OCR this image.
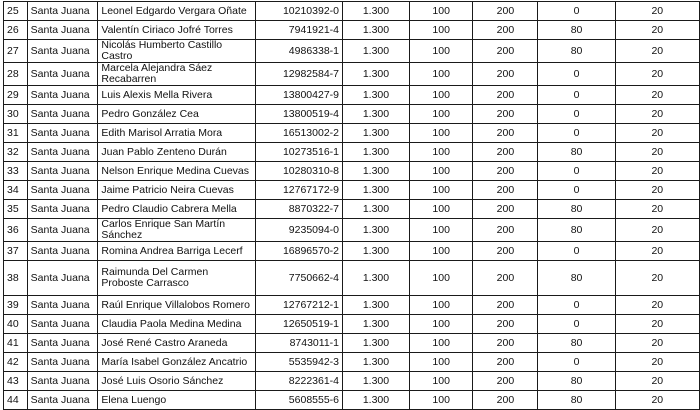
25	Santa Juana	Leonel Edgardo Vergara Oñate	10210392-0	1.300	100	200	0	20
26	Santa Juana	Valentín Ciriaco Jofré Torres	7941921-4	1.300	100	200	80	20
27	Santa Juana	Nicolás Humberto Castillo Castro	4986338-1	1.300	100	200	80	20
28	Santa Juana	Marcela Alejandra Sáez Recabarren	12982584-7	1.300	100	200	0	20
29	Santa Juana	Luis Alexis Mella Rivera	13800427-9	1.300	100	200	0	20
30	Santa Juana	Pedro González Cea	13800519-4	1.300	100	200	0	20
31	Santa Juana	Edith Marisol Arratia Mora	16513002-2	1.300	100	200	0	20
32	Santa Juana	Juan Pablo Zenteno Durán	10273516-1	1.300	100	200	80	20
33	Santa Juana	Nelson Enrique Medina Cuevas	10280310-8	1.300	100	200	0	20
34	Santa Juana	Jaime Patricio Neira Cuevas	12767172-9	1.300	100	200	0	20
35	Santa Juana	Pedro Claudio Cabrera Mella	8870322-7	1.300	100	200	80	20
36	Santa Juana	Carlos Enrique San Martín Sánchez	9235094-0	1.300	100	200	80	20
37	Santa Juana	Romina Andrea Barriga Lecerf	16896570-2	1.300	100	200	0	20
38	Santa Juana	Raimunda Del Carmen Proboste Carrasco	7750662-4	1.300	100	200	80	20
39	Santa Juana	Raúl Enrique Villalobos Romero	12767212-1	1.300	100	200	0	20
40	Santa Juana	Claudia Paola Medina Medina	12650519-1	1.300	100	200	0	20
41	Santa Juana	José René Castro Araneda	8743011-1	1.300	100	200	80	20
42	Santa Juana	María Isabel González Ancatrio	5535942-3	1.300	100	200	0	20
43	Santa Juana	José Luis Osorio Sánchez	8222361-4	1.300	100	200	80	20
44	Santa Juana	Elena Luengo	5608555-6	1.300	100	200	80	20
